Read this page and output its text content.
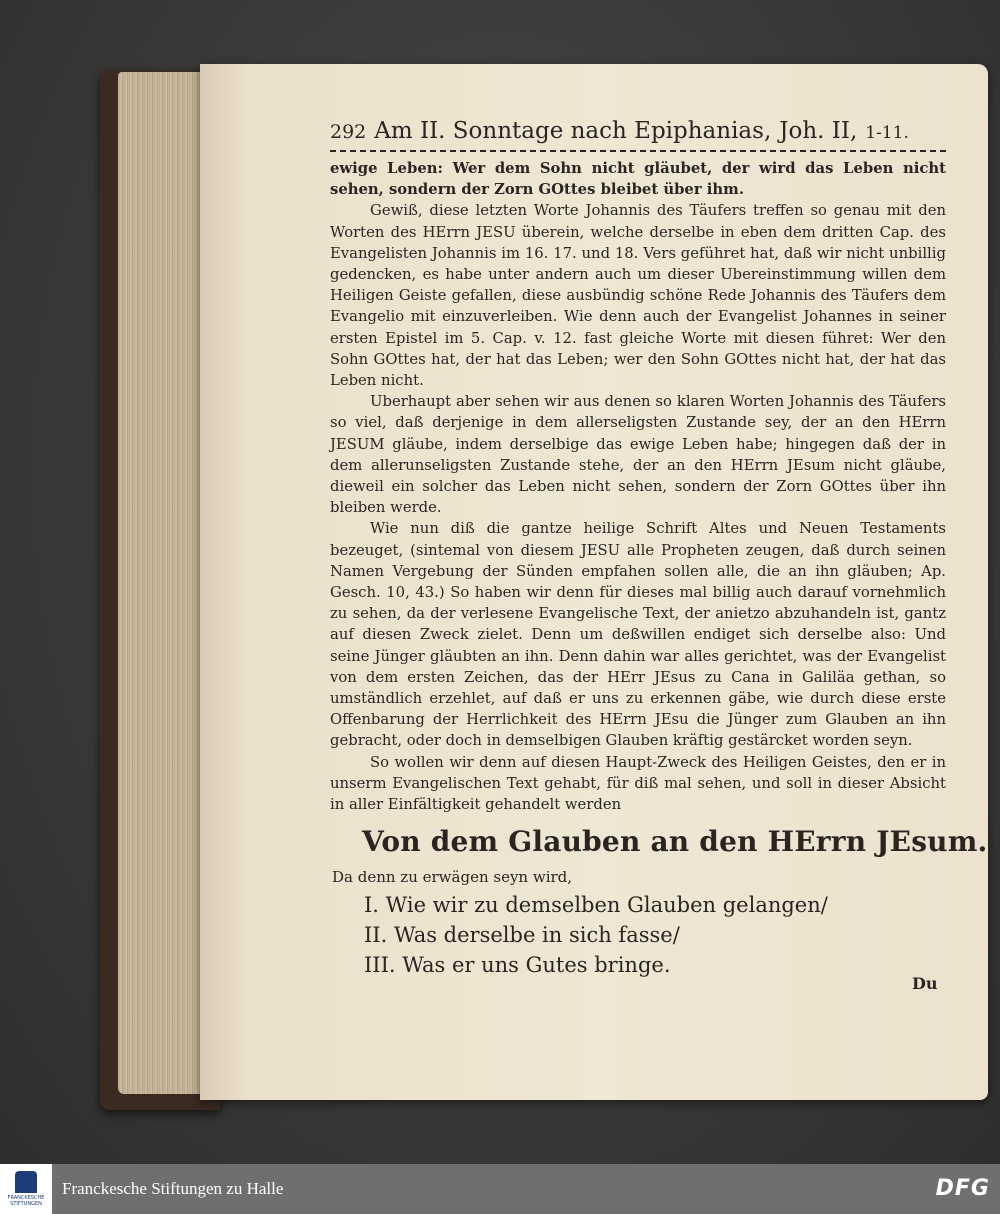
292 Am II. Sonntage nach Epiphanias, Joh. II, 1-11.

ewige Leben: Wer dem Sohn nicht gläubet, der wird das Leben nicht sehen, sondern der Zorn GOttes bleibet über ihm.

Gewiß, diese letzten Worte Johannis des Täufers treffen so genau mit den Worten des HErrn JESU überein, welche derselbe in eben dem dritten Cap. des Evangelisten Johannis im 16. 17. und 18. Vers geführet hat, daß wir nicht unbillig gedencken, es habe unter andern auch um dieser Ubereinstimmung willen dem Heiligen Geiste gefallen, diese ausbündig schöne Rede Johannis des Täufers dem Evangelio mit einzuverleiben. Wie denn auch der Evangelist Johannes in seiner ersten Epistel im 5. Cap. v. 12. fast gleiche Worte mit diesen führet: Wer den Sohn GOttes hat, der hat das Leben; wer den Sohn GOttes nicht hat, der hat das Leben nicht.

Uberhaupt aber sehen wir aus denen so klaren Worten Johannis des Täufers so viel, daß derjenige in dem allerseligsten Zustande sey, der an den HErrn JESUM gläube, indem derselbige das ewige Leben habe; hingegen daß der in dem allerunseligsten Zustande stehe, der an den HErrn JEsum nicht gläube, dieweil ein solcher das Leben nicht sehen, sondern der Zorn GOttes über ihn bleiben werde.

Wie nun diß die gantze heilige Schrift Altes und Neuen Testaments bezeuget, (sintemal von diesem JESU alle Propheten zeugen, daß durch seinen Namen Vergebung der Sünden empfahen sollen alle, die an ihn gläuben; Ap. Gesch. 10, 43.) So haben wir denn für dieses mal billig auch darauf vornehmlich zu sehen, da der verlesene Evangelische Text, der anietzo abzuhandeln ist, gantz auf diesen Zweck zielet. Denn um deßwillen endiget sich derselbe also: Und seine Jünger gläubten an ihn. Denn dahin war alles gerichtet, was der Evangelist von dem ersten Zeichen, das der HErr JEsus zu Cana in Galiläa gethan, so umständlich erzehlet, auf daß er uns zu erkennen gäbe, wie durch diese erste Offenbarung der Herrlichkeit des HErrn JEsu die Jünger zum Glauben an ihn gebracht, oder doch in demselbigen Glauben kräftig gestärcket worden seyn.

So wollen wir denn auf diesen Haupt-Zweck des Heiligen Geistes, den er in unserm Evangelischen Text gehabt, für diß mal sehen, und soll in dieser Absicht in aller Einfältigkeit gehandelt werden

Von dem Glauben an den HErrn JEsum.
Da denn zu erwägen seyn wird,
I. Wie wir zu demselben Glauben gelangen/
II. Was derselbe in sich fasse/
III. Was er uns Gutes bringe.
Du
FRANCKESCHE STIFTUNGEN
Franckesche Stiftungen zu Halle	DFG
